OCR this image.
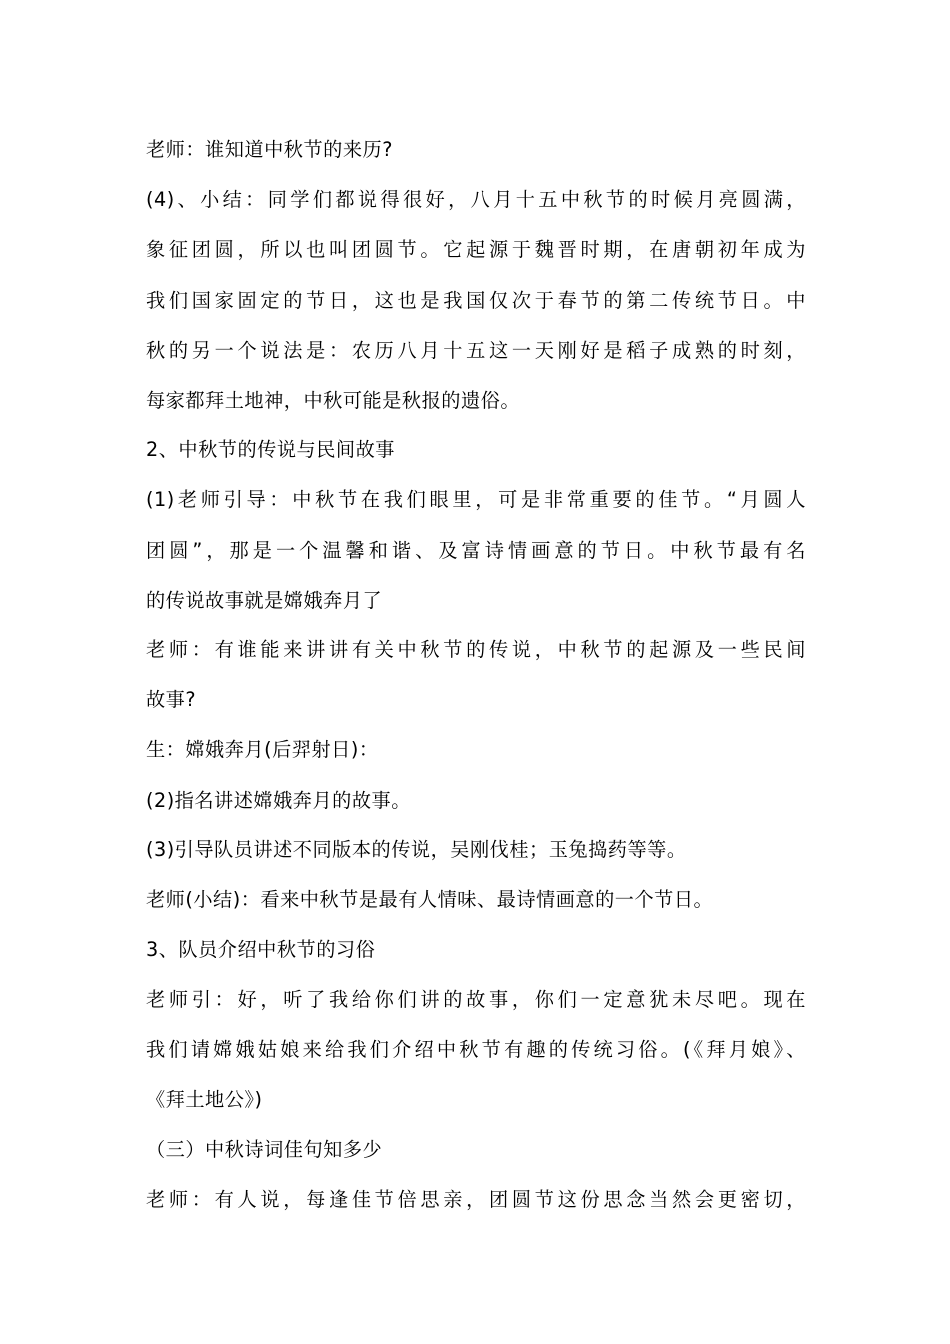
老师：谁知道中秋节的来历?
(4)、小结：同学们都说得很好，八月十五中秋节的时候月亮圆满，
象征团圆，所以也叫团圆节。它起源于魏晋时期，在唐朝初年成为
我们国家固定的节日，这也是我国仅次于春节的第二传统节日。中
秋的另一个说法是：农历八月十五这一天刚好是稻子成熟的时刻，
每家都拜土地神，中秋可能是秋报的遗俗。
2、中秋节的传说与民间故事
(1)老师引导：中秋节在我们眼里，可是非常重要的佳节。“月圆人
团圆”，那是一个温馨和谐、及富诗情画意的节日。中秋节最有名
的传说故事就是嫦娥奔月了
老师：有谁能来讲讲有关中秋节的传说，中秋节的起源及一些民间
故事?
生：嫦娥奔月(后羿射日)：
(2)指名讲述嫦娥奔月的故事。
(3)引导队员讲述不同版本的传说，吴刚伐桂；玉兔捣药等等。
老师(小结)：看来中秋节是最有人情味、最诗情画意的一个节日。
3、队员介绍中秋节的习俗
老师引：好，听了我给你们讲的故事，你们一定意犹未尽吧。现在
我们请嫦娥姑娘来给我们介绍中秋节有趣的传统习俗。(《拜月娘》、
《拜土地公》)
（三）中秋诗词佳句知多少
老师：有人说，每逢佳节倍思亲，团圆节这份思念当然会更密切，
